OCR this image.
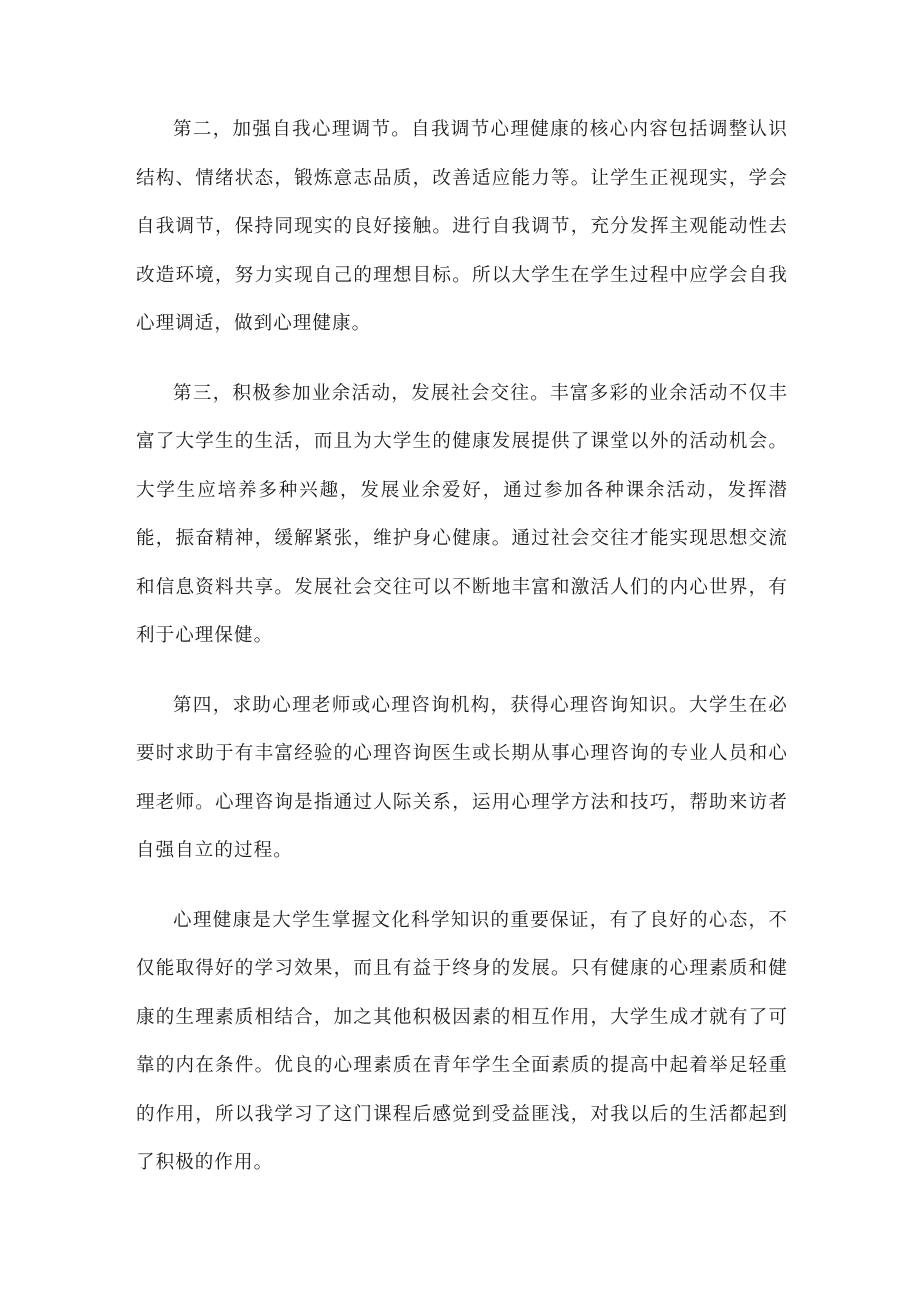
第二，加强自我心理调节。自我调节心理健康的核心内容包括调整认识结构、情绪状态，锻炼意志品质，改善适应能力等。让学生正视现实，学会自我调节，保持同现实的良好接触。进行自我调节，充分发挥主观能动性去改造环境，努力实现自己的理想目标。所以大学生在学生过程中应学会自我心理调适，做到心理健康。

第三，积极参加业余活动，发展社会交往。丰富多彩的业余活动不仅丰富了大学生的生活，而且为大学生的健康发展提供了课堂以外的活动机会。大学生应培养多种兴趣，发展业余爱好，通过参加各种课余活动，发挥潜能，振奋精神，缓解紧张，维护身心健康。通过社会交往才能实现思想交流和信息资料共享。发展社会交往可以不断地丰富和激活人们的内心世界，有利于心理保健。

第四，求助心理老师或心理咨询机构，获得心理咨询知识。大学生在必要时求助于有丰富经验的心理咨询医生或长期从事心理咨询的专业人员和心理老师。心理咨询是指通过人际关系，运用心理学方法和技巧，帮助来访者自强自立的过程。

心理健康是大学生掌握文化科学知识的重要保证，有了良好的心态，不仅能取得好的学习效果，而且有益于终身的发展。只有健康的心理素质和健康的生理素质相结合，加之其他积极因素的相互作用，大学生成才就有了可靠的内在条件。优良的心理素质在青年学生全面素质的提高中起着举足轻重的作用，所以我学习了这门课程后感觉到受益匪浅，对我以后的生活都起到了积极的作用。
